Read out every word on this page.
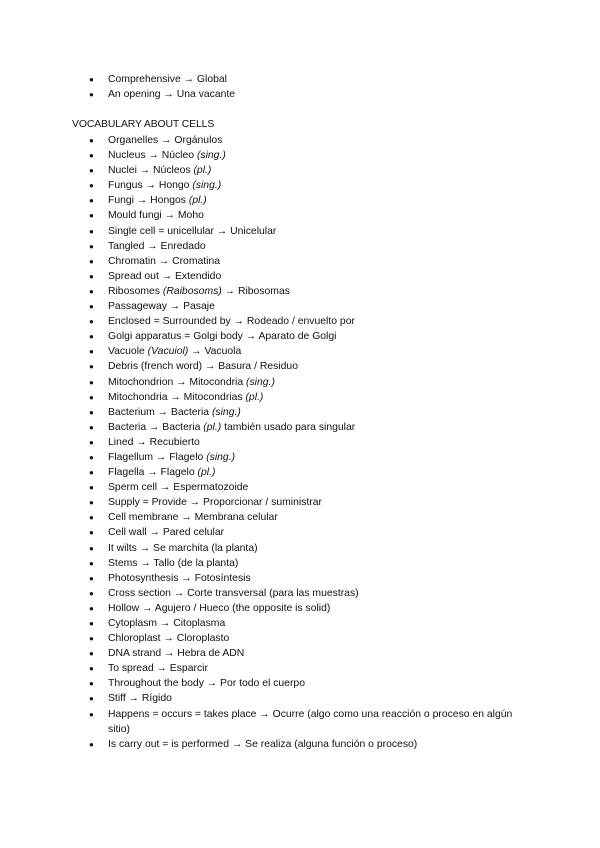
● Comprehensive → Global
● An opening → Una vacante
VOCABULARY ABOUT CELLS
● Organelles → Orgánulos
● Nucleus → Núcleo (sing.)
● Nuclei → Núcleos (pl.)
● Fungus → Hongo (sing.)
● Fungi → Hongos (pl.)
● Mould fungi → Moho
● Single cell = unicellular → Unicelular
● Tangled → Enredado
● Chromatin → Cromatina
● Spread out → Extendido
● Ribosomes (Raibosoms) → Ribosomas
● Passageway → Pasaje
● Enclosed = Surrounded by → Rodeado / envuelto por
● Golgi apparatus = Golgi body → Aparato de Golgi
● Vacuole (Vacuiol) → Vacuola
● Debris (french word) → Basura / Residuo
● Mitochondrion → Mitocondria (sing.)
● Mitochondria → Mitocondrias (pl.)
● Bacterium → Bacteria (sing.)
● Bacteria → Bacteria (pl.) también usado para singular
● Lined → Recubierto
● Flagellum → Flagelo (sing.)
● Flagella → Flagelo (pl.)
● Sperm cell → Espermatozoide
● Supply = Provide → Proporcionar / suministrar
● Cell membrane → Membrana celular
● Cell wall → Pared celular
● It wilts → Se marchita (la planta)
● Stems → Tallo (de la planta)
● Photosynthesis → Fotosíntesis
● Cross section → Corte transversal (para las muestras)
● Hollow → Agujero / Hueco (the opposite is solid)
● Cytoplasm → Citoplasma
● Chloroplast → Cloroplasto
● DNA strand → Hebra de ADN
● To spread → Esparcir
● Throughout the body → Por todo el cuerpo
● Stiff → Rígido
● Happens = occurs = takes place → Ocurre (algo como una reacción o proceso en algún sitio)
● Is carry out = is performed → Se realiza (alguna función o proceso)
